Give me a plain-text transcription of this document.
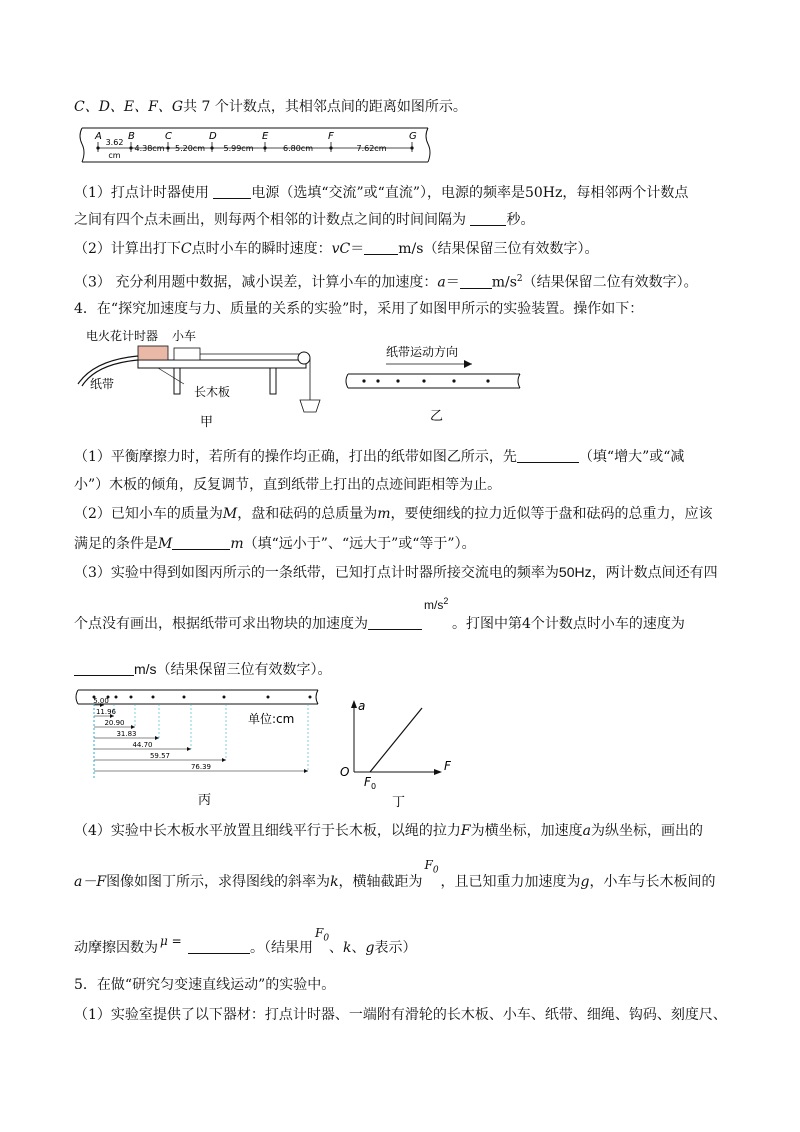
C、D、E、F、G共 7 个计数点，其相邻点间的距离如图所示。
A	B	C	D	E	F	G
3.62
cm
4.38cm 5.20cm 5.99cm	6.80cm	7.62cm
（1）打点计时器使用	电源（选填“交流”或“直流”），电源的频率是50Hz，每相邻两个计数点
之间有四个点未画出，则每两个相邻的计数点之间的时间间隔为	秒。
（2）计算出打下C点时小车的瞬时速度：vC＝ m/s（结果保留三位有效数字）。
（3） 充分利用题中数据，减小误差，计算小车的加速度：$a= m/s^2$（结果保留二位有效数字）。
4．在“探究加速度与力、质量的关系的实验”时，采用了如图甲所示的实验装置。操作如下：
电火花计时器 小车
纸带
长木板
甲
纸带运动方向
乙
（1）平衡摩擦力时，若所有的操作均正确，打出的纸带如图乙所示，先	（填“增大”或“减
小”）木板的倾角，反复调节，直到纸带上打出的点迹间距相等为止。
（2）已知小车的质量为M，盘和砝码的总质量为m，要使细线的拉力近似等于盘和砝码的总重力，应该
满足的条件是M	m（填“远小于”、“远大于”或“等于”）。
（3）实验中得到如图丙所示的一条纸带，已知打点计时器所接交流电的频率为50Hz，两计数点间还有四
个点没有画出，根据纸带可求出物块的加速度为
$m/s^2$
。打图中第4个计数点时小车的速度为
m/s（结果保留三位有效数字）。
5.00
11.96
20.90
31.83
44.70
59.57
76.39
单位:cm
丙
a
F
O
F 0
丁
（4）实验中长木板水平放置且细线平行于长木板，以绳的拉力F为横坐标，加速度a为纵坐标，画出的
a－F图像如图丁所示，求得图线的斜率为k，横轴截距为
$F_0$
，且已知重力加速度为g，小车与长木板间的
动摩擦因数为 μ =	。（结果用
$F_0$
、k、g表示）
5．在做“研究匀变速直线运动”的实验中。
（1）实验室提供了以下器材：打点计时器、一端附有滑轮的长木板、小车、纸带、细绳、钩码、刻度尺、
